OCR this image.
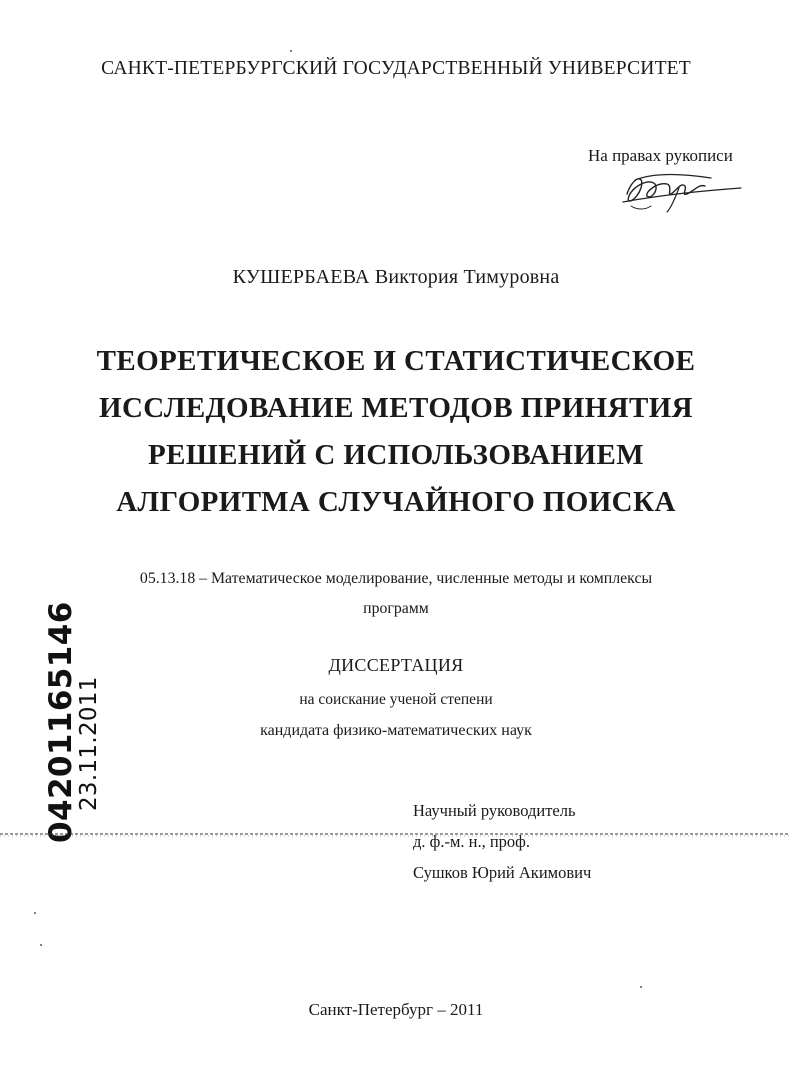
САНКТ-ПЕТЕРБУРГСКИЙ ГОСУДАРСТВЕННЫЙ УНИВЕРСИТЕТ
На правах рукописи
КУШЕРБАЕВА Виктория Тимуровна
ТЕОРЕТИЧЕСКОЕ И СТАТИСТИЧЕСКОЕ
ИССЛЕДОВАНИЕ МЕТОДОВ ПРИНЯТИЯ
РЕШЕНИЙ С ИСПОЛЬЗОВАНИЕМ
АЛГОРИТМА СЛУЧАЙНОГО ПОИСКА
05.13.18 – Математическое моделирование, численные методы и комплексы
программ
ДИССЕРТАЦИЯ
на соискание ученой степени
кандидата физико-математических наук
Научный руководитель
д. ф.-м. н., проф.
Сушков Юрий Акимович
Санкт-Петербург – 2011
04201165146
23.11.2011
